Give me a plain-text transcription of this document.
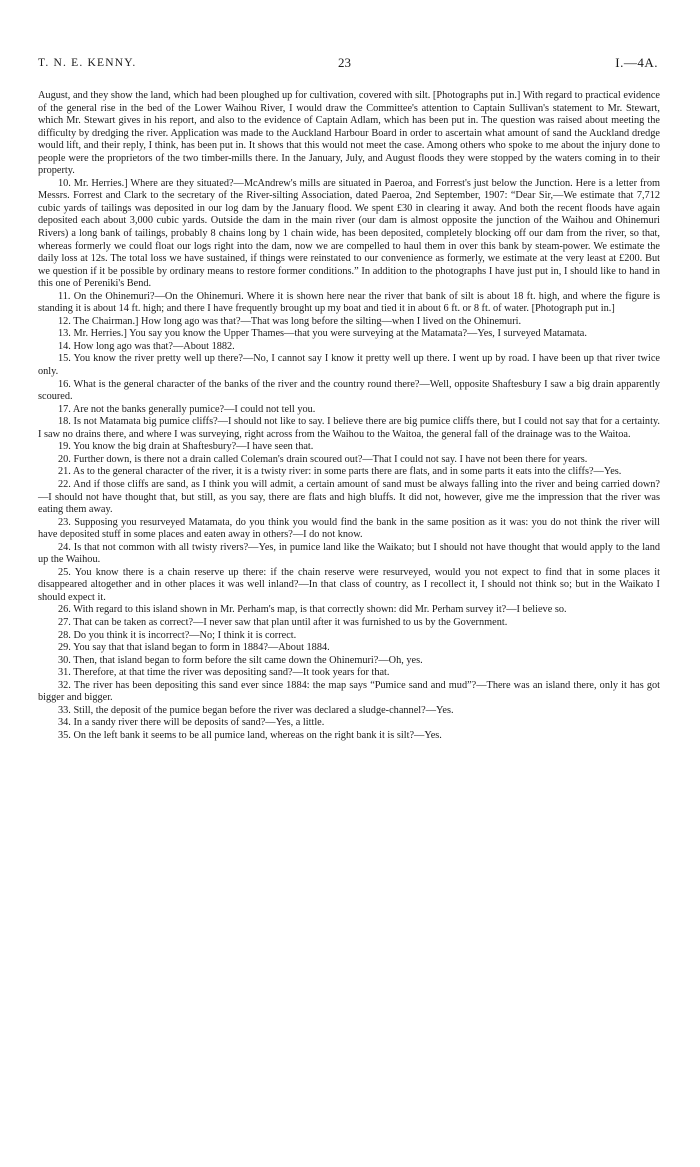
T. N. E. KENNY.	23	I.—4A.

August, and they show the land, which had been ploughed up for cultivation, covered with silt. [Photographs put in.] With regard to practical evidence of the general rise in the bed of the Lower Waihou River, I would draw the Committee's attention to Captain Sullivan's statement to Mr. Stewart, which Mr. Stewart gives in his report, and also to the evidence of Captain Adlam, which has been put in. The question was raised about meeting the difficulty by dredging the river. Application was made to the Auckland Harbour Board in order to ascertain what amount of sand the Auckland dredge would lift, and their reply, I think, has been put in. It shows that this would not meet the case. Among others who spoke to me about the injury done to people were the proprietors of the two timber-mills there. In the January, July, and August floods they were stopped by the waters coming in to their property.

10. Mr. Herries.] Where are they situated?—McAndrew's mills are situated in Paeroa, and Forrest's just below the Junction. Here is a letter from Messrs. Forrest and Clark to the secretary of the River-silting Association, dated Paeroa, 2nd September, 1907: “Dear Sir,—We estimate that 7,712 cubic yards of tailings was deposited in our log dam by the January flood. We spent £30 in clearing it away. And both the recent floods have again deposited each about 3,000 cubic yards. Outside the dam in the main river (our dam is almost opposite the junction of the Waihou and Ohinemuri Rivers) a long bank of tailings, probably 8 chains long by 1 chain wide, has been deposited, completely blocking off our dam from the river, so that, whereas formerly we could float our logs right into the dam, now we are compelled to haul them in over this bank by steam-power. We estimate the daily loss at 12s. The total loss we have sustained, if things were reinstated to our convenience as formerly, we estimate at the very least at £200. But we question if it be possible by ordinary means to restore former conditions.” In addition to the photographs I have just put in, I should like to hand in this one of Pereniki's Bend.

11. On the Ohinemuri?—On the Ohinemuri. Where it is shown here near the river that bank of silt is about 18 ft. high, and where the figure is standing it is about 14 ft. high; and there I have frequently brought up my boat and tied it in about 6 ft. or 8 ft. of water. [Photograph put in.]

12. The Chairman.] How long ago was that?—That was long before the silting—when I lived on the Ohinemuri.

13. Mr. Herries.] You say you know the Upper Thames—that you were surveying at the Matamata?—Yes, I surveyed Matamata.

14. How long ago was that?—About 1882.

15. You know the river pretty well up there?—No, I cannot say I know it pretty well up there. I went up by road. I have been up that river twice only.

16. What is the general character of the banks of the river and the country round there?—Well, opposite Shaftesbury I saw a big drain apparently scoured.

17. Are not the banks generally pumice?—I could not tell you.

18. Is not Matamata big pumice cliffs?—I should not like to say. I believe there are big pumice cliffs there, but I could not say that for a certainty. I saw no drains there, and where I was surveying, right across from the Waihou to the Waitoa, the general fall of the drainage was to the Waitoa.

19. You know the big drain at Shaftesbury?—I have seen that.

20. Further down, is there not a drain called Coleman's drain scoured out?—That I could not say. I have not been there for years.

21. As to the general character of the river, it is a twisty river: in some parts there are flats, and in some parts it eats into the cliffs?—Yes.

22. And if those cliffs are sand, as I think you will admit, a certain amount of sand must be always falling into the river and being carried down?—I should not have thought that, but still, as you say, there are flats and high bluffs. It did not, however, give me the impression that the river was eating them away.

23. Supposing you resurveyed Matamata, do you think you would find the bank in the same position as it was: you do not think the river will have deposited stuff in some places and eaten away in others?—I do not know.

24. Is that not common with all twisty rivers?—Yes, in pumice land like the Waikato; but I should not have thought that would apply to the land up the Waihou.

25. You know there is a chain reserve up there: if the chain reserve were resurveyed, would you not expect to find that in some places it disappeared altogether and in other places it was well inland?—In that class of country, as I recollect it, I should not think so; but in the Waikato I should expect it.

26. With regard to this island shown in Mr. Perham's map, is that correctly shown: did Mr. Perham survey it?—I believe so.

27. That can be taken as correct?—I never saw that plan until after it was furnished to us by the Government.

28. Do you think it is incorrect?—No; I think it is correct.

29. You say that that island began to form in 1884?—About 1884.

30. Then, that island began to form before the silt came down the Ohinemuri?—Oh, yes.

31. Therefore, at that time the river was depositing sand?—It took years for that.

32. The river has been depositing this sand ever since 1884: the map says “Pumice sand and mud”?—There was an island there, only it has got bigger and bigger.

33. Still, the deposit of the pumice began before the river was declared a sludge-channel?—Yes.

34. In a sandy river there will be deposits of sand?—Yes, a little.

35. On the left bank it seems to be all pumice land, whereas on the right bank it is silt?—Yes.
